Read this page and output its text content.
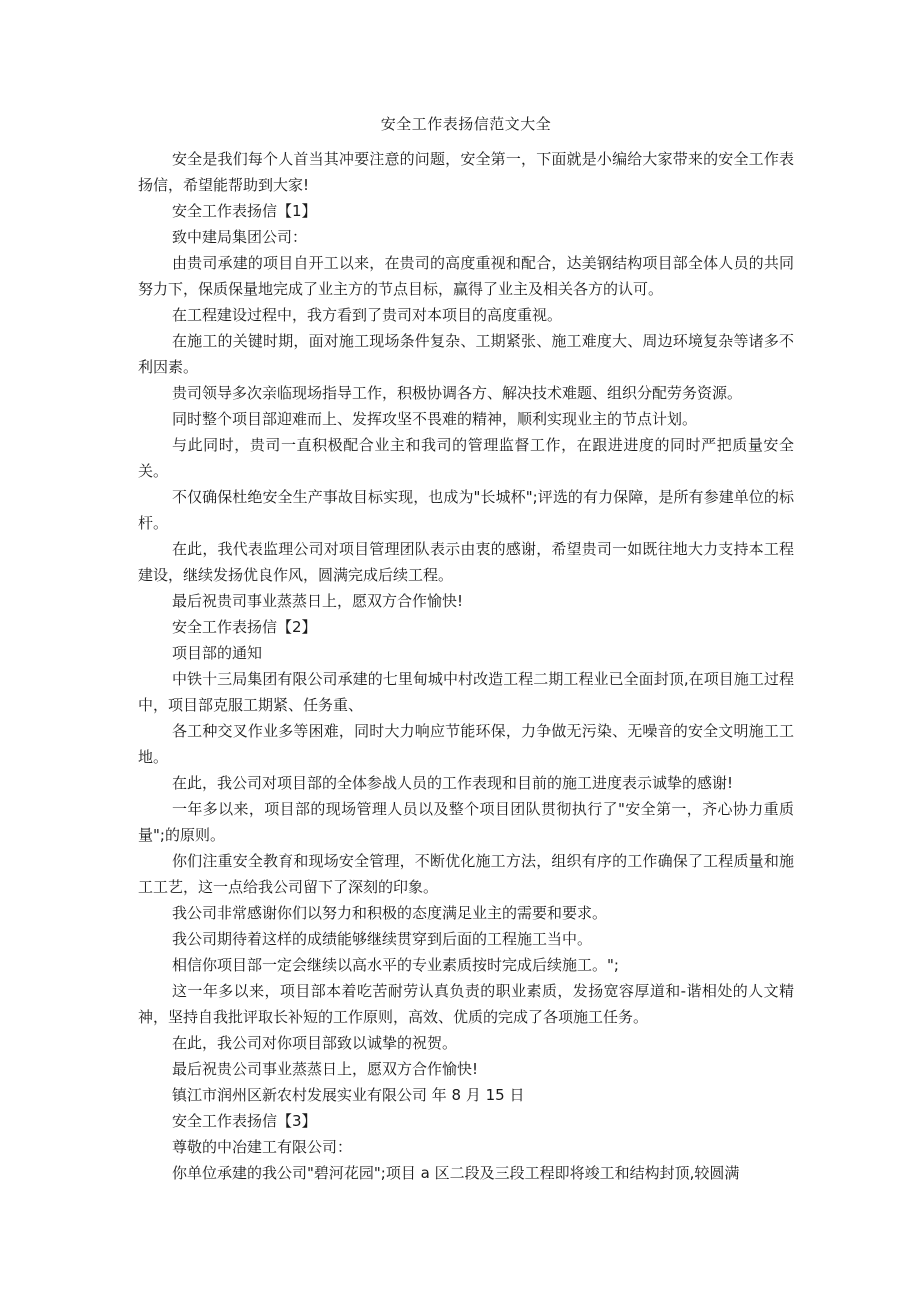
安全工作表扬信范文大全

安全是我们每个人首当其冲要注意的问题，安全第一，下面就是小编给大家带来的安全工作表扬信，希望能帮助到大家!

安全工作表扬信【1】

致中建局集团公司：

由贵司承建的项目自开工以来，在贵司的高度重视和配合，达美钢结构项目部全体人员的共同努力下，保质保量地完成了业主方的节点目标，赢得了业主及相关各方的认可。

在工程建设过程中，我方看到了贵司对本项目的高度重视。

在施工的关键时期，面对施工现场条件复杂、工期紧张、施工难度大、周边环境复杂等诸多不利因素。

贵司领导多次亲临现场指导工作，积极协调各方、解决技术难题、组织分配劳务资源。

同时整个项目部迎难而上、发挥攻坚不畏难的精神，顺利实现业主的节点计划。

与此同时，贵司一直积极配合业主和我司的管理监督工作，在跟进进度的同时严把质量安全关。

不仅确保杜绝安全生产事故目标实现，也成为"长城杯";评选的有力保障，是所有参建单位的标杆。

在此，我代表监理公司对项目管理团队表示由衷的感谢，希望贵司一如既往地大力支持本工程建设，继续发扬优良作风，圆满完成后续工程。

最后祝贵司事业蒸蒸日上，愿双方合作愉快!

安全工作表扬信【2】

项目部的通知

中铁十三局集团有限公司承建的七里甸城中村改造工程二期工程业已全面封顶,在项目施工过程中，项目部克服工期紧、任务重、

各工种交叉作业多等困难，同时大力响应节能环保，力争做无污染、无噪音的安全文明施工工地。

在此，我公司对项目部的全体参战人员的工作表现和目前的施工进度表示诚挚的感谢!

一年多以来，项目部的现场管理人员以及整个项目团队贯彻执行了"安全第一，齐心协力重质量";的原则。

你们注重安全教育和现场安全管理，不断优化施工方法，组织有序的工作确保了工程质量和施工工艺，这一点给我公司留下了深刻的印象。

我公司非常感谢你们以努力和积极的态度满足业主的需要和要求。

我公司期待着这样的成绩能够继续贯穿到后面的工程施工当中。

相信你项目部一定会继续以高水平的专业素质按时完成后续施工。";

这一年多以来，项目部本着吃苦耐劳认真负责的职业素质，发扬宽容厚道和-谐相处的人文精神，坚持自我批评取长补短的工作原则，高效、优质的完成了各项施工任务。

在此，我公司对你项目部致以诚挚的祝贺。

最后祝贵公司事业蒸蒸日上，愿双方合作愉快!

镇江市润州区新农村发展实业有限公司 年 8 月 15 日

安全工作表扬信【3】

尊敬的中冶建工有限公司：

你单位承建的我公司"碧河花园";项目 a 区二段及三段工程即将竣工和结构封顶,较圆满
